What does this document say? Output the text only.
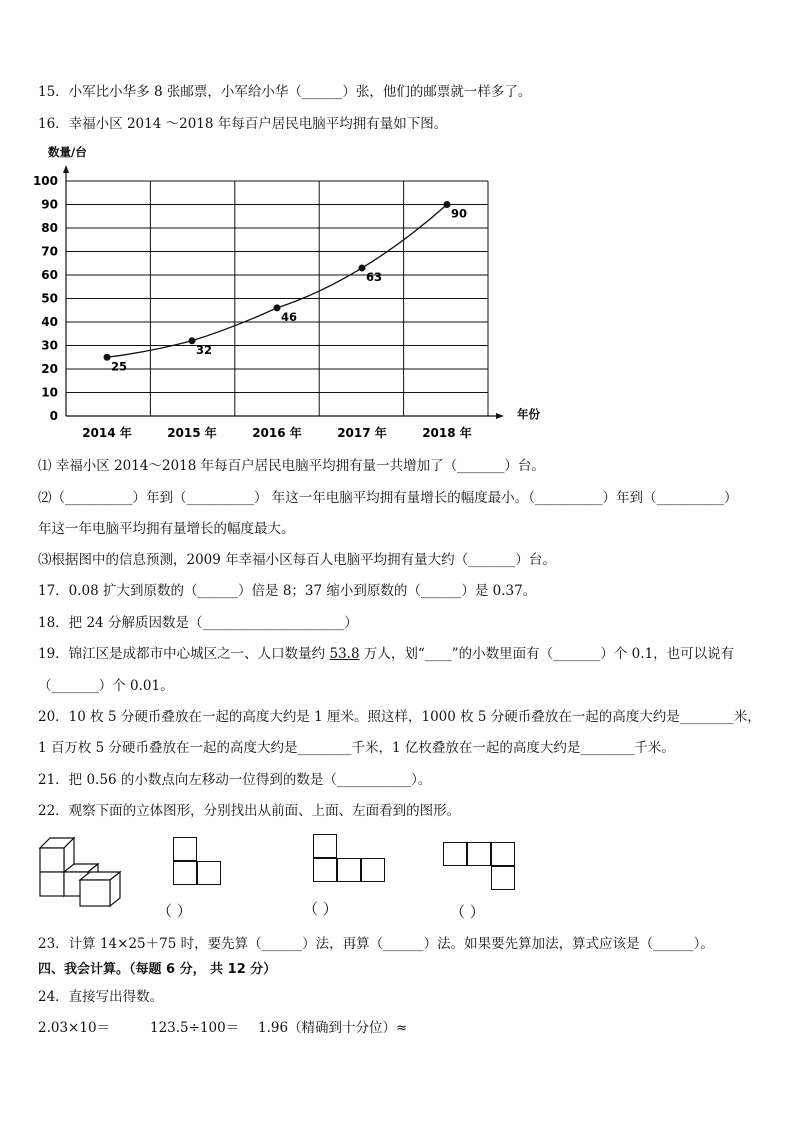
15．小军比小华多 8 张邮票，小军给小华（______）张，他们的邮票就一样多了。
16．幸福小区 2014 ～2018 年每百户居民电脑平均拥有量如下图。
0
10
20
30
40
50
60
70
80
90
100
2014 年	2015 年	2016 年	2017 年	2018 年
25
32
46
63
90
数量/台
年份
⑴ 幸福小区 2014～2018 年每百户居民电脑平均拥有量一共增加了（_______）台。
⑵（__________）年到（__________） 年这一年电脑平均拥有量增长的幅度最小。（__________）年到（__________）
年这一年电脑平均拥有量增长的幅度最大。
⑶根据图中的信息预测，2009 年幸福小区每百人电脑平均拥有量大约（_______）台。
17．0.08 扩大到原数的（______）倍是 8；37 缩小到原数的（______）是 0.37。
18．把 24 分解质因数是（_____________________）
19．锦江区是成都市中心城区之一、人口数量约 53.8 万人，划“____”的小数里面有（_______）个 0.1，也可以说有
（_______）个 0.01。
20．10 枚 5 分硬币叠放在一起的高度大约是 1 厘米。照这样，1000 枚 5 分硬币叠放在一起的高度大约是________米，
1 百万枚 5 分硬币叠放在一起的高度大约是________千米，1 亿枚叠放在一起的高度大约是________千米。
21．把 0.56 的小数点向左移动一位得到的数是（___________）。
22．观察下面的立体图形，分别找出从前面、上面、左面看到的图形。
（ ）	（ ）	（ ）
23．计算 14×25＋75 时，要先算（______）法，再算（______）法。如果要先算加法，算式应该是（______）。
四、我会计算。（每题 6 分， 共 12 分）
24．直接写出得数。
2.03×10＝	123.5÷100＝ 1.96（精确到十分位）≈
